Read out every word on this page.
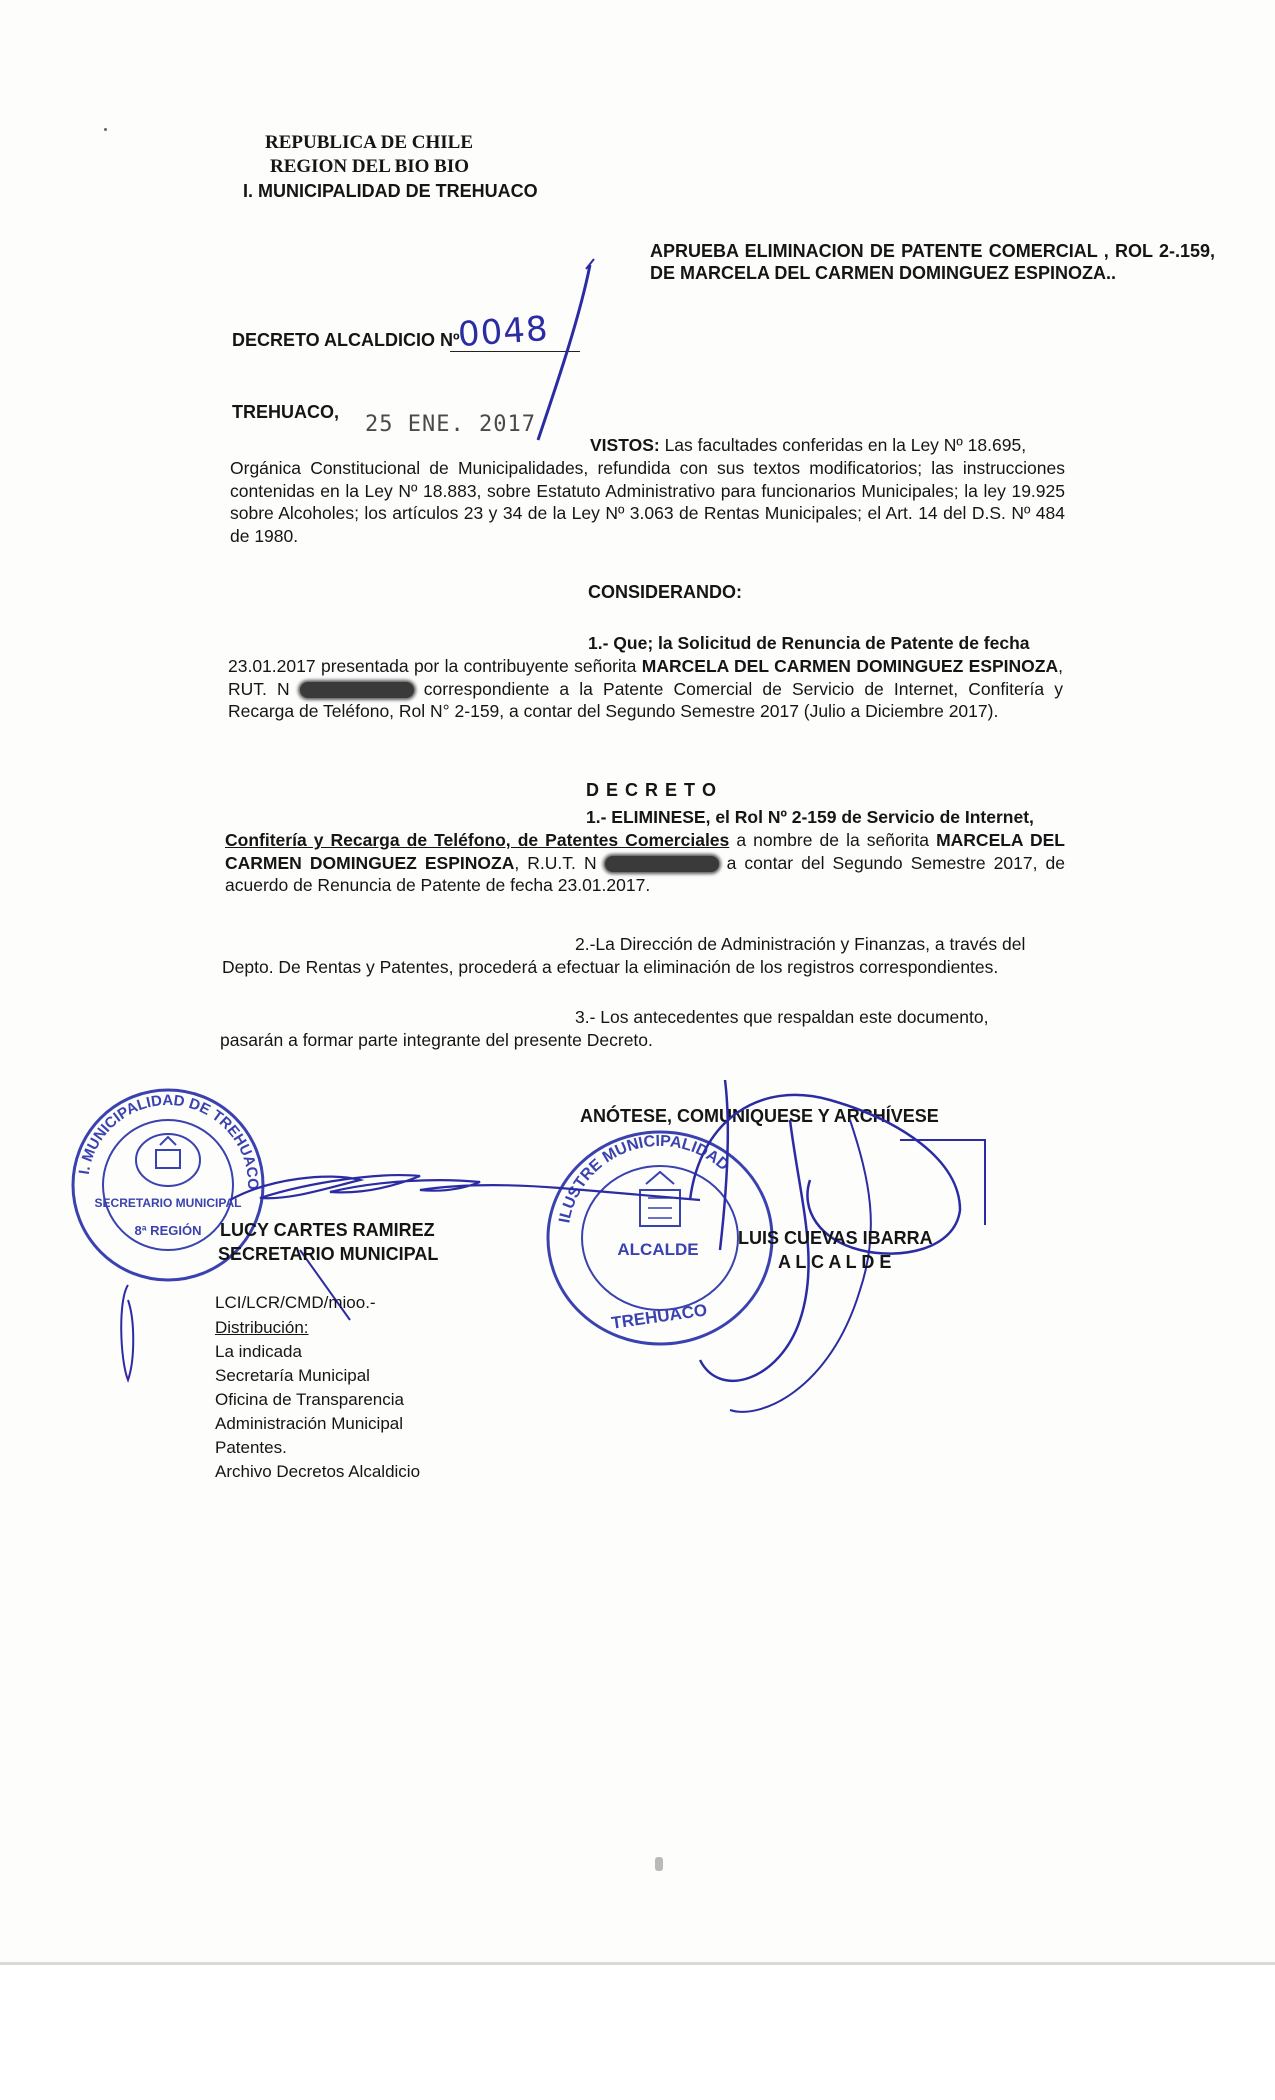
REPUBLICA DE CHILE
REGION DEL BIO BIO
I. MUNICIPALIDAD DE TREHUACO
APRUEBA ELIMINACION DE PATENTE COMERCIAL , ROL 2-.159, DE MARCELA DEL CARMEN DOMINGUEZ ESPINOZA..
DECRETO ALCALDICIO Nº
0048
TREHUACO, 25 ENE. 2017
VISTOS: Las facultades conferidas en la Ley Nº 18.695,
Orgánica Constitucional de Municipalidades, refundida con sus textos modificatorios; las instrucciones contenidas en la Ley Nº 18.883, sobre Estatuto Administrativo para funcionarios Municipales; la ley 19.925 sobre Alcoholes; los artículos 23 y 34 de la Ley Nº 3.063 de Rentas Municipales; el Art. 14 del D.S. Nº 484 de 1980.
CONSIDERANDO:
1.- Que; la Solicitud de Renuncia de Patente de fecha
23.01.2017 presentada por la contribuyente señorita MARCELA DEL CARMEN DOMINGUEZ ESPINOZA, RUT. N	correspondiente a la Patente Comercial de Servicio de Internet, Confitería y Recarga de Teléfono, Rol N° 2-159, a contar del Segundo Semestre 2017 (Julio a Diciembre 2017).
D E C R E T O
1.- ELIMINESE, el Rol Nº 2-159 de Servicio de Internet,
Confitería y Recarga de Teléfono, de Patentes Comerciales a nombre de la señorita MARCELA DEL CARMEN DOMINGUEZ ESPINOZA, R.U.T. N	a contar del Segundo Semestre 2017, de acuerdo de Renuncia de Patente de fecha 23.01.2017.
2.-La Dirección de Administración y Finanzas, a través del
Depto. De Rentas y Patentes, procederá a efectuar la eliminación de los registros correspondientes.
3.- Los antecedentes que respaldan este documento,
pasarán a formar parte integrante del presente Decreto.
ANÓTESE, COMUNÍQUESE Y ARCHÍVESE
I. MUNICIPALIDAD DE TREHUACO
SECRETARIO MUNICIPAL
8ª REGIÓN
ILUSTRE MUNICIPALIDAD
ALCALDE
TREHUACO
LUCY CARTES RAMIREZ
SECRETARIO MUNICIPAL
LUIS CUEVAS IBARRA
A L C A L D E
LCI/LCR/CMD/mioo.-
Distribución:
La indicada
Secretaría Municipal
Oficina de Transparencia
Administración Municipal
Patentes.
Archivo Decretos Alcaldicio
